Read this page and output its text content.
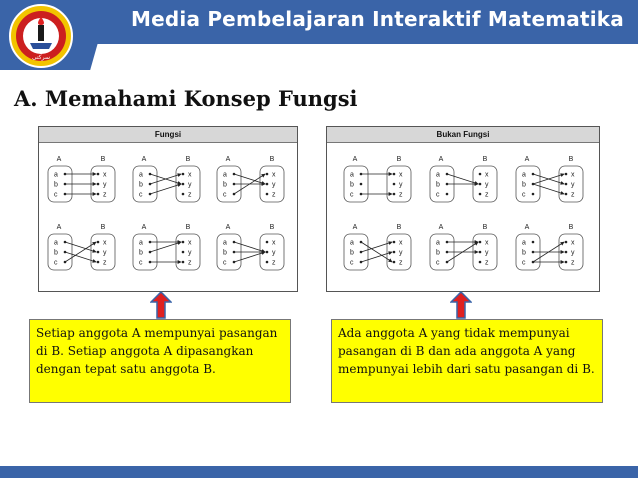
Media Pembelajaran Interaktif Matematika
ﺳﺮﻛﺘﯽ
A. Memahami Konsep Fungsi
Fungsi
A	B
a
b
c
x
y
z
A	B
a
b
c
x
y
z
A	B
a
b
c
x
y
z
A	B
a
b
c
x
y
z
A	B
a
b
c
x
y
z
A	B
a
b
c
x
y
z
Bukan Fungsi
A	B
a
b
c
x
y
z
A	B
a
b
c
x
y
z
A	B
a
b
c
x
y
z
A	B
a
b
c
x
y
z
A	B
a
b
c
x
y
z
A	B
a
b
c
x
y
z
Setiap anggota A mempunyai pasangan di B. Setiap anggota A dipasangkan dengan tepat satu anggota B.
Ada anggota A yang tidak mempunyai pasangan di B dan ada anggota A yang mempunyai lebih dari satu pasangan di B.
